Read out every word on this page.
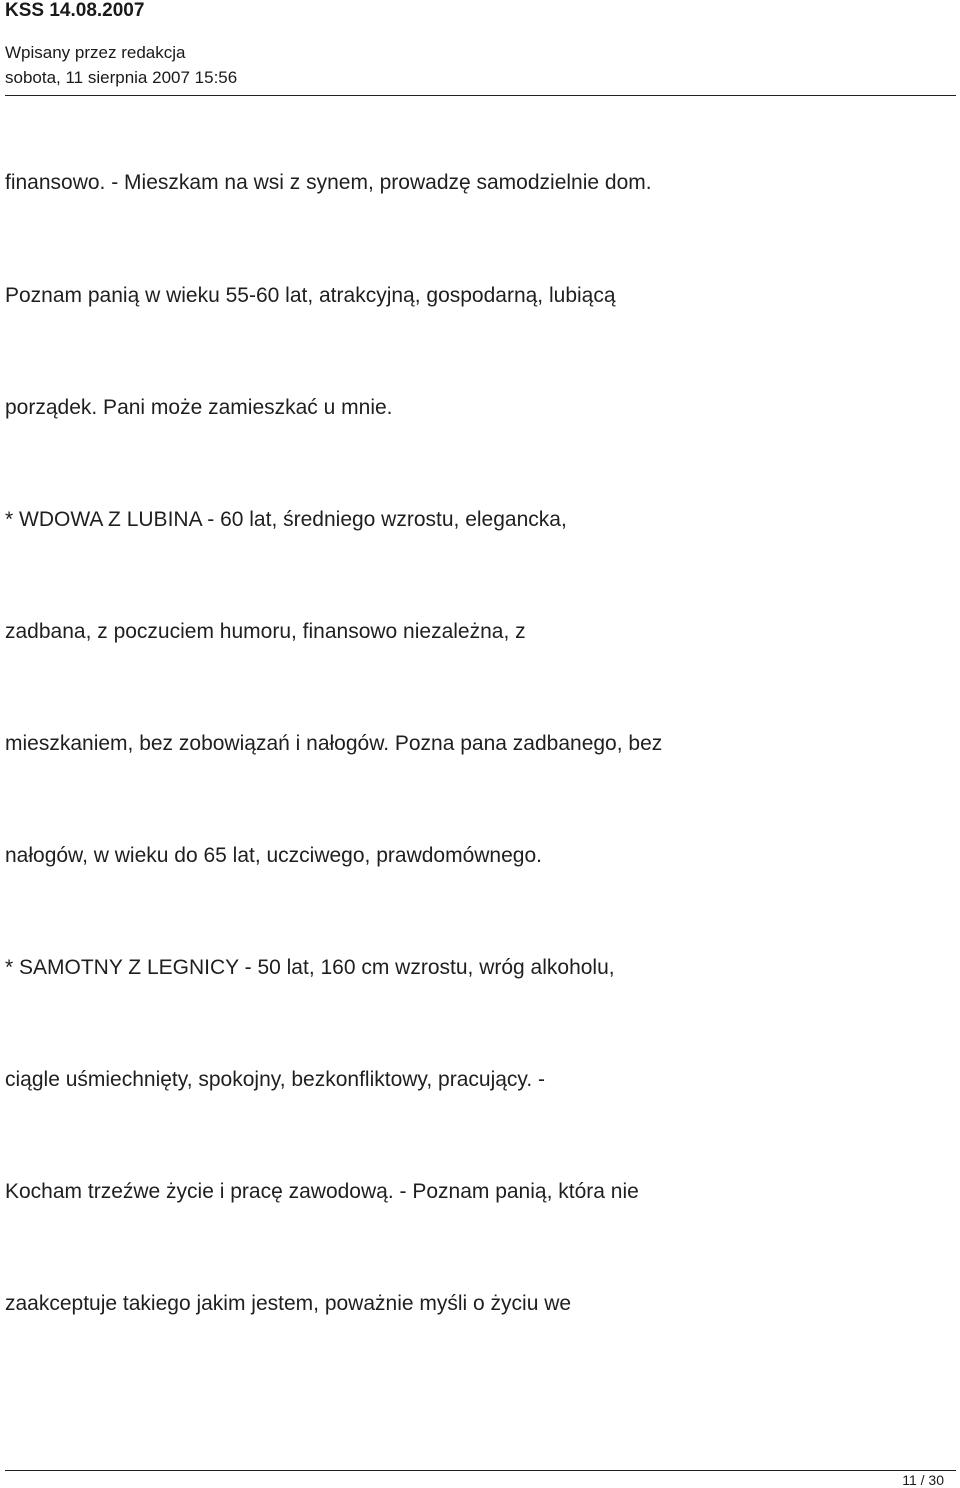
KSS 14.08.2007
Wpisany przez redakcja
sobota, 11 sierpnia 2007 15:56
finansowo. - Mieszkam na wsi z synem, prowadzę samodzielnie dom.
Poznam panią w wieku 55-60 lat, atrakcyjną, gospodarną, lubiącą
porządek. Pani może zamieszkać u mnie.
* WDOWA Z LUBINA - 60 lat, średniego wzrostu, elegancka,
zadbana, z poczuciem humoru, finansowo niezależna, z
mieszkaniem, bez zobowiązań i nałogów. Pozna pana zadbanego, bez
nałogów, w wieku do 65 lat, uczciwego, prawdomównego.
* SAMOTNY Z LEGNICY - 50 lat, 160 cm wzrostu, wróg alkoholu,
ciągle uśmiechnięty, spokojny, bezkonfliktowy, pracujący. -
Kocham trzeźwe życie i pracę zawodową. - Poznam panią, która nie
zaakceptuje takiego jakim jestem, poważnie myśli o życiu we
11 / 30
